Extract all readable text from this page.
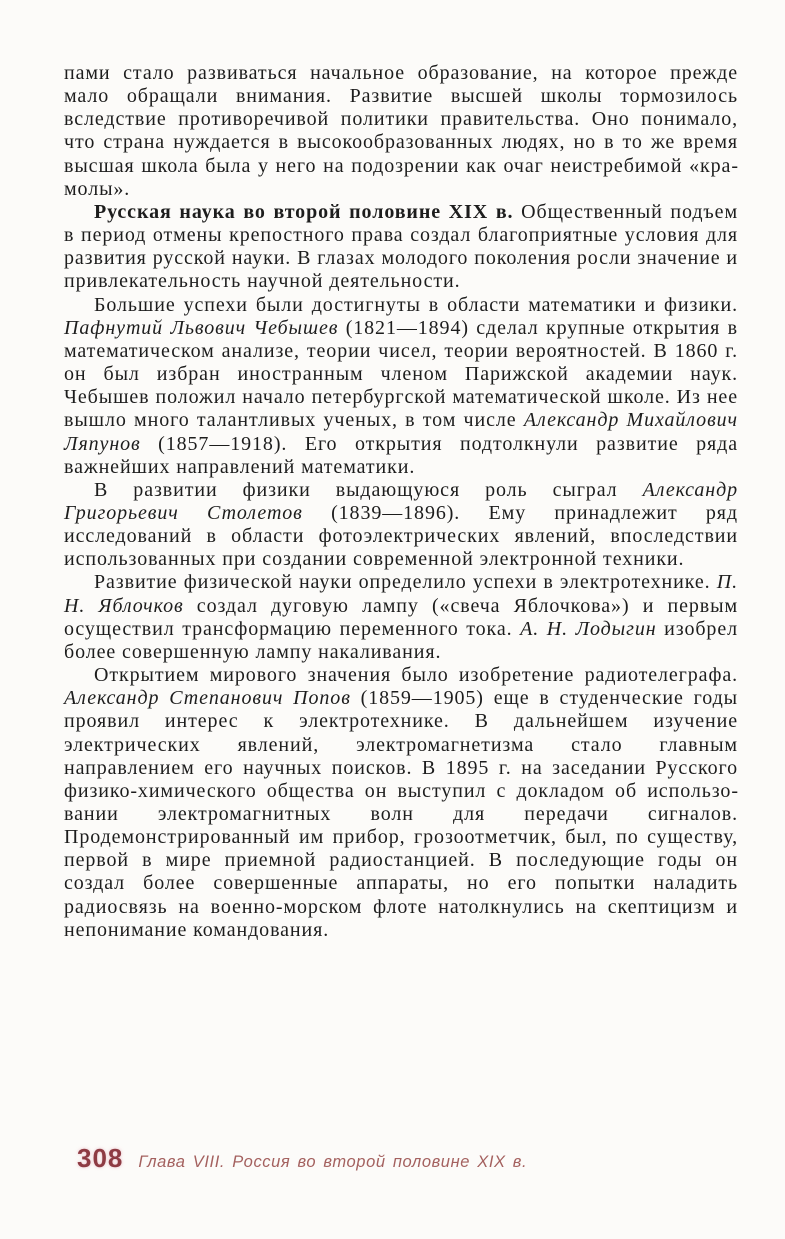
пами стало развиваться начальное образование, на которое прежде мало обращали внимания. Развитие высшей школы тормозилось вследствие противоречивой политики правительства. Оно понимало, что страна нуждается в высокообразованных людях, но в то же время высшая школа была у него на подозрении как очаг неистребимой «крамолы».

Русская наука во второй половине XIX в. Общественный подъем в период отмены крепостного права создал благоприятные условия для развития русской науки. В глазах молодого поколения росли значение и привлекательность научной деятельности.

Большие успехи были достигнуты в области математики и физики. Пафнутий Львович Чебышев (1821—1894) сделал крупные открытия в математическом анализе, теории чисел, теории вероятностей. В 1860 г. он был избран иностранным членом Парижской академии наук. Чебышев положил начало петербургской математической школе. Из нее вышло много талантливых ученых, в том числе Александр Михайлович Ляпунов (1857—1918). Его открытия подтолкнули развитие ряда важнейших направлений математики.

В развитии физики выдающуюся роль сыграл Александр Григорьевич Столетов (1839—1896). Ему принадлежит ряд исследований в области фотоэлектрических явлений, впоследствии использованных при создании современной электронной техники.

Развитие физической науки определило успехи в электротехнике. П. Н. Яблочков создал дуговую лампу («свеча Яблочкова») и первым осуществил трансформацию переменного тока. А. Н. Лодыгин изобрел более совершенную лампу накаливания.

Открытием мирового значения было изобретение радиотелеграфа. Александр Степанович Попов (1859—1905) еще в студенческие годы проявил интерес к электротехнике. В дальнейшем изучение электрических явлений, электромагнетизма стало главным направлением его научных поисков. В 1895 г. на заседании Русского физико-химического общества он выступил с докладом об использовании электромагнитных волн для передачи сигналов. Продемонстрированный им прибор, грозоотметчик, был, по существу, первой в мире приемной радиостанцией. В последующие годы он создал более совершенные аппараты, но его попытки наладить радиосвязь на военно-морском флоте натолкнулись на скептицизм и непонимание командования.

308 Глава VIII. Россия во второй половине XIX в.
